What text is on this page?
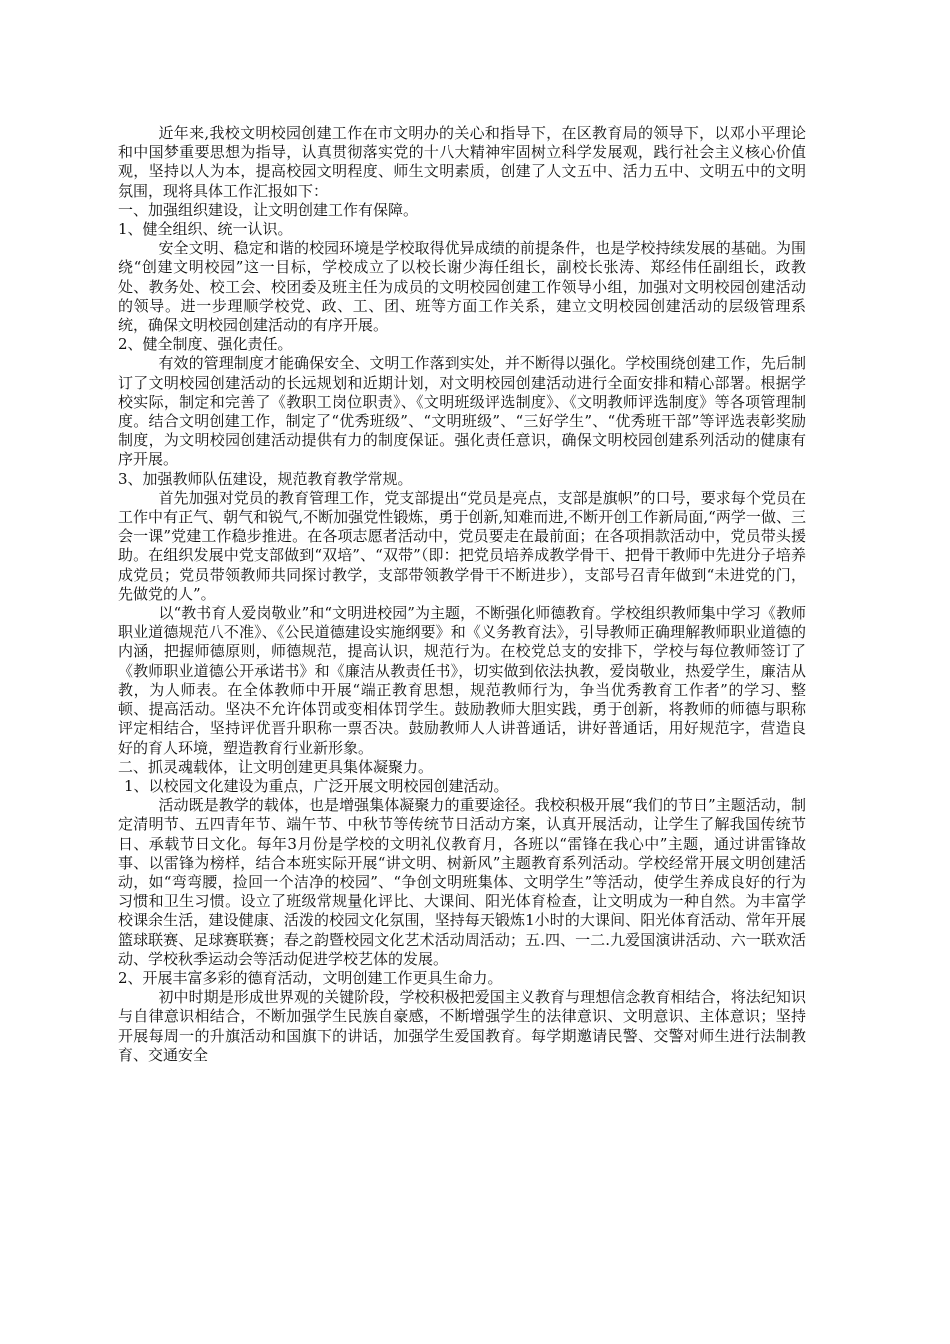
近年来,我校文明校园创建工作在市文明办的关心和指导下，在区教育局的领导下，以邓小平理论和中国梦重要思想为指导，认真贯彻落实党的十八大精神牢固树立科学发展观，践行社会主义核心价值观，坚持以人为本，提高校园文明程度、师生文明素质，创建了人文五中、活力五中、文明五中的文明氛围，现将具体工作汇报如下：

一、加强组织建设，让文明创建工作有保障。

1、健全组织、统一认识。

安全文明、稳定和谐的校园环境是学校取得优异成绩的前提条件，也是学校持续发展的基础。为围绕“创建文明校园”这一目标，学校成立了以校长谢少海任组长，副校长张涛、郑经伟任副组长，政教处、教务处、校工会、校团委及班主任为成员的文明校园创建工作领导小组，加强对文明校园创建活动的领导。进一步理顺学校党、政、工、团、班等方面工作关系，建立文明校园创建活动的层级管理系统，确保文明校园创建活动的有序开展。

2、健全制度、强化责任。

有效的管理制度才能确保安全、文明工作落到实处，并不断得以强化。学校围绕创建工作，先后制订了文明校园创建活动的长远规划和近期计划，对文明校园创建活动进行全面安排和精心部署。根据学校实际，制定和完善了《教职工岗位职责》、《文明班级评选制度》、《文明教师评选制度》等各项管理制度。结合文明创建工作，制定了“优秀班级”、“文明班级”、“三好学生”、“优秀班干部”等评选表彰奖励制度，为文明校园创建活动提供有力的制度保证。强化责任意识，确保文明校园创建系列活动的健康有序开展。

3、加强教师队伍建设，规范教育教学常规。

首先加强对党员的教育管理工作，党支部提出“党员是亮点，支部是旗帜”的口号，要求每个党员在工作中有正气、朝气和锐气,不断加强党性锻炼，勇于创新,知难而进,不断开创工作新局面,“两学一做、三会一课”党建工作稳步推进。在各项志愿者活动中，党员要走在最前面；在各项捐款活动中，党员带头援助。在组织发展中党支部做到“双培”、“双带”（即：把党员培养成教学骨干、把骨干教师中先进分子培养成党员；党员带领教师共同探讨教学，支部带领教学骨干不断进步），支部号召青年做到“未进党的门，先做党的人”。

以“教书育人爱岗敬业”和“文明进校园”为主题，不断强化师德教育。学校组织教师集中学习《教师职业道德规范八不准》、《公民道德建设实施纲要》和《义务教育法》，引导教师正确理解教师职业道德的内涵，把握师德原则，师德规范，提高认识，规范行为。在校党总支的安排下，学校与每位教师签订了《教师职业道德公开承诺书》和《廉洁从教责任书》，切实做到依法执教，爱岗敬业，热爱学生，廉洁从教，为人师表。在全体教师中开展“端正教育思想，规范教师行为，争当优秀教育工作者”的学习、整顿、提高活动。坚决不允许体罚或变相体罚学生。鼓励教师大胆实践，勇于创新，将教师的师德与职称评定相结合，坚持评优晋升职称一票否决。鼓励教师人人讲普通话，讲好普通话，用好规范字，营造良好的育人环境，塑造教育行业新形象。

二、抓灵魂载体，让文明创建更具集体凝聚力。

1、以校园文化建设为重点，广泛开展文明校园创建活动。

活动既是教学的载体，也是增强集体凝聚力的重要途径。我校积极开展“我们的节日”主题活动，制定清明节、五四青年节、端午节、中秋节等传统节日活动方案，认真开展活动，让学生了解我国传统节日、承载节日文化。每年3月份是学校的文明礼仪教育月，各班以“雷锋在我心中”主题，通过讲雷锋故事、以雷锋为榜样，结合本班实际开展“讲文明、树新风”主题教育系列活动。学校经常开展文明创建活动，如“弯弯腰，捡回一个洁净的校园”、“争创文明班集体、文明学生”等活动，使学生养成良好的行为习惯和卫生习惯。设立了班级常规量化评比、大课间、阳光体育检查，让文明成为一种自然。为丰富学校课余生活，建设健康、活泼的校园文化氛围，坚持每天锻炼1小时的大课间、阳光体育活动、常年开展篮球联赛、足球赛联赛；春之韵暨校园文化艺术活动周活动；五.四、一二.九爱国演讲活动、六一联欢活动、学校秋季运动会等活动促进学校艺体的发展。

2、开展丰富多彩的德育活动，文明创建工作更具生命力。

初中时期是形成世界观的关键阶段，学校积极把爱国主义教育与理想信念教育相结合，将法纪知识与自律意识相结合，不断加强学生民族自豪感，不断增强学生的法律意识、文明意识、主体意识；坚持开展每周一的升旗活动和国旗下的讲话，加强学生爱国教育。每学期邀请民警、交警对师生进行法制教育、交通安全
